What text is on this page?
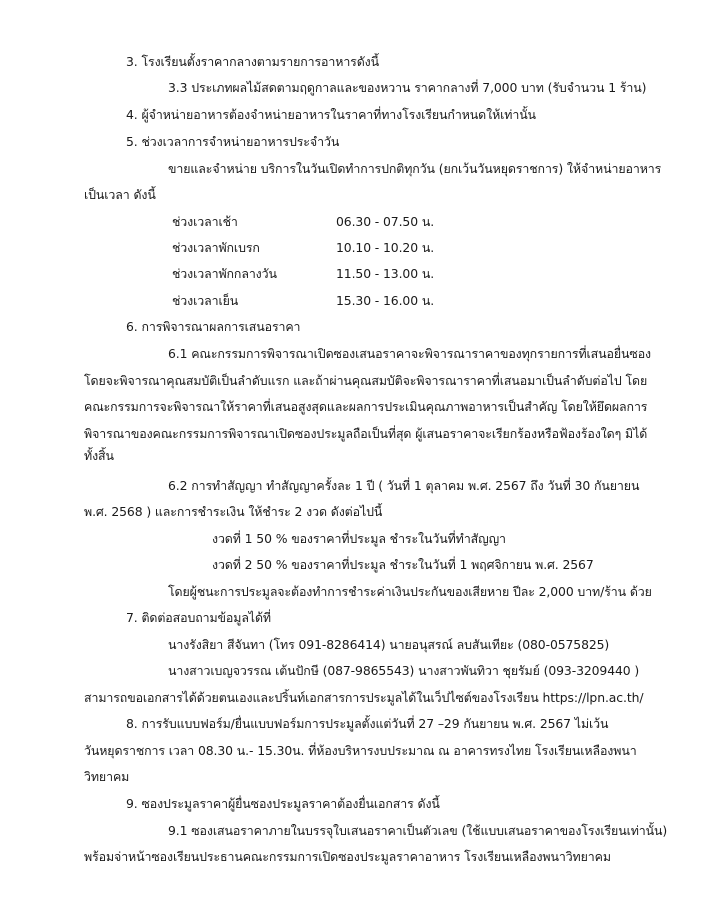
3. โรงเรียนตั้งราคากลางตามรายการอาหารดังนี้

3.3 ประเภทผลไม้สดตามฤดูกาลและของหวาน ราคากลางที่ 7,000 บาท (รับจำนวน 1 ร้าน)

4. ผู้จำหน่ายอาหารต้องจำหน่ายอาหารในราคาที่ทางโรงเรียนกำหนดให้เท่านั้น

5. ช่วงเวลาการจำหน่ายอาหารประจำวัน

ขายและจำหน่าย บริการในวันเปิดทำการปกติทุกวัน (ยกเว้นวันหยุดราชการ) ให้จำหน่ายอาหาร

เป็นเวลา ดังนี้

ช่วงเวลาเช้า	06.30 - 07.50 น.

ช่วงเวลาพักเบรก	10.10 - 10.20 น.

ช่วงเวลาพักกลางวัน	11.50 - 13.00 น.

ช่วงเวลาเย็น	15.30 - 16.00 น.

6. การพิจารณาผลการเสนอราคา

6.1 คณะกรรมการพิจารณาเปิดซองเสนอราคาจะพิจารณาราคาของทุกรายการที่เสนอยื่นซอง

โดยจะพิจารณาคุณสมบัติเป็นลำดับแรก และถ้าผ่านคุณสมบัติจะพิจารณาราคาที่เสนอมาเป็นลำดับต่อไป โดย

คณะกรรมการจะพิจารณาให้ราคาที่เสนอสูงสุดและผลการประเมินคุณภาพอาหารเป็นสำคัญ โดยให้ยึดผลการ

พิจารณาของคณะกรรมการพิจารณาเปิดซองประมูลถือเป็นที่สุด ผู้เสนอราคาจะเรียกร้องหรือฟ้องร้องใดๆ มิได้

ทั้งสิ้น

6.2 การทำสัญญา ทำสัญญาครั้งละ 1 ปี ( วันที่ 1 ตุลาคม พ.ศ. 2567 ถึง วันที่ 30 กันยายน

พ.ศ. 2568 ) และการชำระเงิน ให้ชำระ 2 งวด ดังต่อไปนี้

งวดที่ 1 50 % ของราคาที่ประมูล ชำระในวันที่ทำสัญญา

งวดที่ 2 50 % ของราคาที่ประมูล ชำระในวันที่ 1 พฤศจิกายน พ.ศ. 2567

โดยผู้ชนะการประมูลจะต้องทำการชำระค่าเงินประกันของเสียหาย ปีละ 2,000 บาท/ร้าน ด้วย

7. ติดต่อสอบถามข้อมูลได้ที่

นางรังสิยา สีจันทา (โทร 091-8286414) นายอนุสรณ์ ลบสันเทียะ (080-0575825)

นางสาวเบญจวรรณ เต้นปักษี (087-9865543) นางสาวพันทิวา ชุยรัมย์ (093-3209440 )

สามารถขอเอกสารได้ด้วยตนเองและปริ้นท์เอกสารการประมูลได้ในเว็ปไซต์ของโรงเรียน https://lpn.ac.th/

8. การรับแบบฟอร์ม/ยื่นแบบฟอร์มการประมูลตั้งแต่วันที่ 27 –29 กันยายน พ.ศ. 2567 ไม่เว้น

วันหยุดราชการ เวลา 08.30 น.- 15.30น. ที่ห้องบริหารงบประมาณ ณ อาคารทรงไทย โรงเรียนเหลืองพนา

วิทยาคม

9. ซองประมูลราคาผู้ยื่นซองประมูลราคาต้องยื่นเอกสาร ดังนี้

9.1 ซองเสนอราคาภายในบรรจุใบเสนอราคาเป็นตัวเลข (ใช้แบบเสนอราคาของโรงเรียนเท่านั้น)

พร้อมจ่าหน้าซองเรียนประธานคณะกรรมการเปิดซองประมูลราคาอาหาร โรงเรียนเหลืองพนาวิทยาคม
